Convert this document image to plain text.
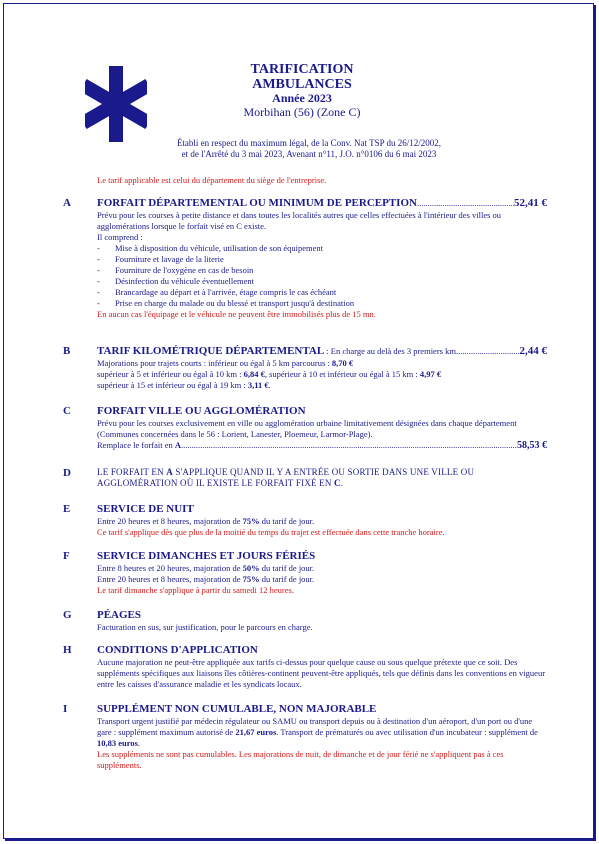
TARIFICATION
AMBULANCES
Année 2023
Morbihan (56) (Zone C)
Établi en respect du maximum légal, de la Conv. Nat TSP du 26/12/2002,
et de l'Arrêté du 3 mai 2023, Avenant n°11, J.O. n°0106 du 6 mai 2023
Le tarif applicable est celui du département du siège de l'entreprise.
A FORFAIT DÉPARTEMENTAL OU MINIMUM DE PERCEPTION .....	52,41 €
Prévu pour les courses à petite distance et dans toutes les localités autres que celles effectuées à l'intérieur des villes ou agglomérations lorsque le forfait visé en C existe.
Il comprend :
- Mise à disposition du véhicule, utilisation de son équipement
- Fourniture et lavage de la literie
- Fourniture de l'oxygène en cas de besoin
- Désinfection du véhicule éventuellement
- Brancardage au départ et à l'arrivée, étage compris le cas échéant
- Prise en charge du malade ou du blessé et transport jusqu'à destination
En aucun cas l'équipage et le véhicule ne peuvent être immobilisés plus de 15 mn.
B TARIF KILOMÉTRIQUE DÉPARTEMENTAL : En charge au delà des 3 premiers km .....	2,44 €
Majorations pour trajets courts : inférieur ou égal à 5 km parcourus : 8,70 €
supérieur à 5 et inférieur ou égal à 10 km : 6,84 €, supérieur à 10 et inférieur ou égal à 15 km : 4,97 €
supérieur à 15 et inférieur ou égal à 19 km : 3,11 €.
C FORFAIT VILLE OU AGGLOMÉRATION
Prévu pour les courses exclusivement en ville ou agglomération urbaine limitativement désignées dans chaque département (Communes concernées dans le 56 : Lorient, Lanester, Ploemeur, Larmor-Plage).
Remplace le forfait en A .....	58,53 €
D	LE FORFAIT EN A S'APPLIQUE QUAND IL Y A ENTRÉE OU SORTIE DANS UNE VILLE OU
AGGLOMÉRATION OÙ IL EXISTE LE FORFAIT FIXÉ EN C.
E SERVICE DE NUIT
Entre 20 heures et 8 heures, majoration de 75% du tarif de jour.
Ce tarif s'applique dès que plus de la moitié du temps du trajet est effectuée dans cette tranche horaire.
F SERVICE DIMANCHES ET JOURS FÉRIÉS
Entre 8 heures et 20 heures, majoration de 50% du tarif de jour.
Entre 20 heures et 8 heures, majoration de 75% du tarif de jour.
Le tarif dimanche s'applique à partir du samedi 12 heures.
G PÉAGES
Facturation en sus, sur justification, pour le parcours en charge.
H CONDITIONS D'APPLICATION
Aucune majoration ne peut-être appliquée aux tarifs ci-dessus pour quelque cause ou sous quelque prétexte que ce soit. Des suppléments spécifiques aux liaisons îles côtières-continent peuvent-être appliqués, tels que définis dans les conventions en vigueur entre les caisses d'assurance maladie et les syndicats locaux.
I	SUPPLÉMENT NON CUMULABLE, NON MAJORABLE
Transport urgent justifié par médecin régulateur ou SAMU ou transport depuis ou à destination d'un aéroport, d'un port ou d'une gare : supplément maximum autorisé de 21,67 euros. Transport de prématurés ou avec utilisation d'un incubateur : supplément de 10,83 euros.
Les suppléments ne sont pas cumulables. Les majorations de nuit, de dimanche et de jour férié ne s'appliquent pas à ces suppléments.
